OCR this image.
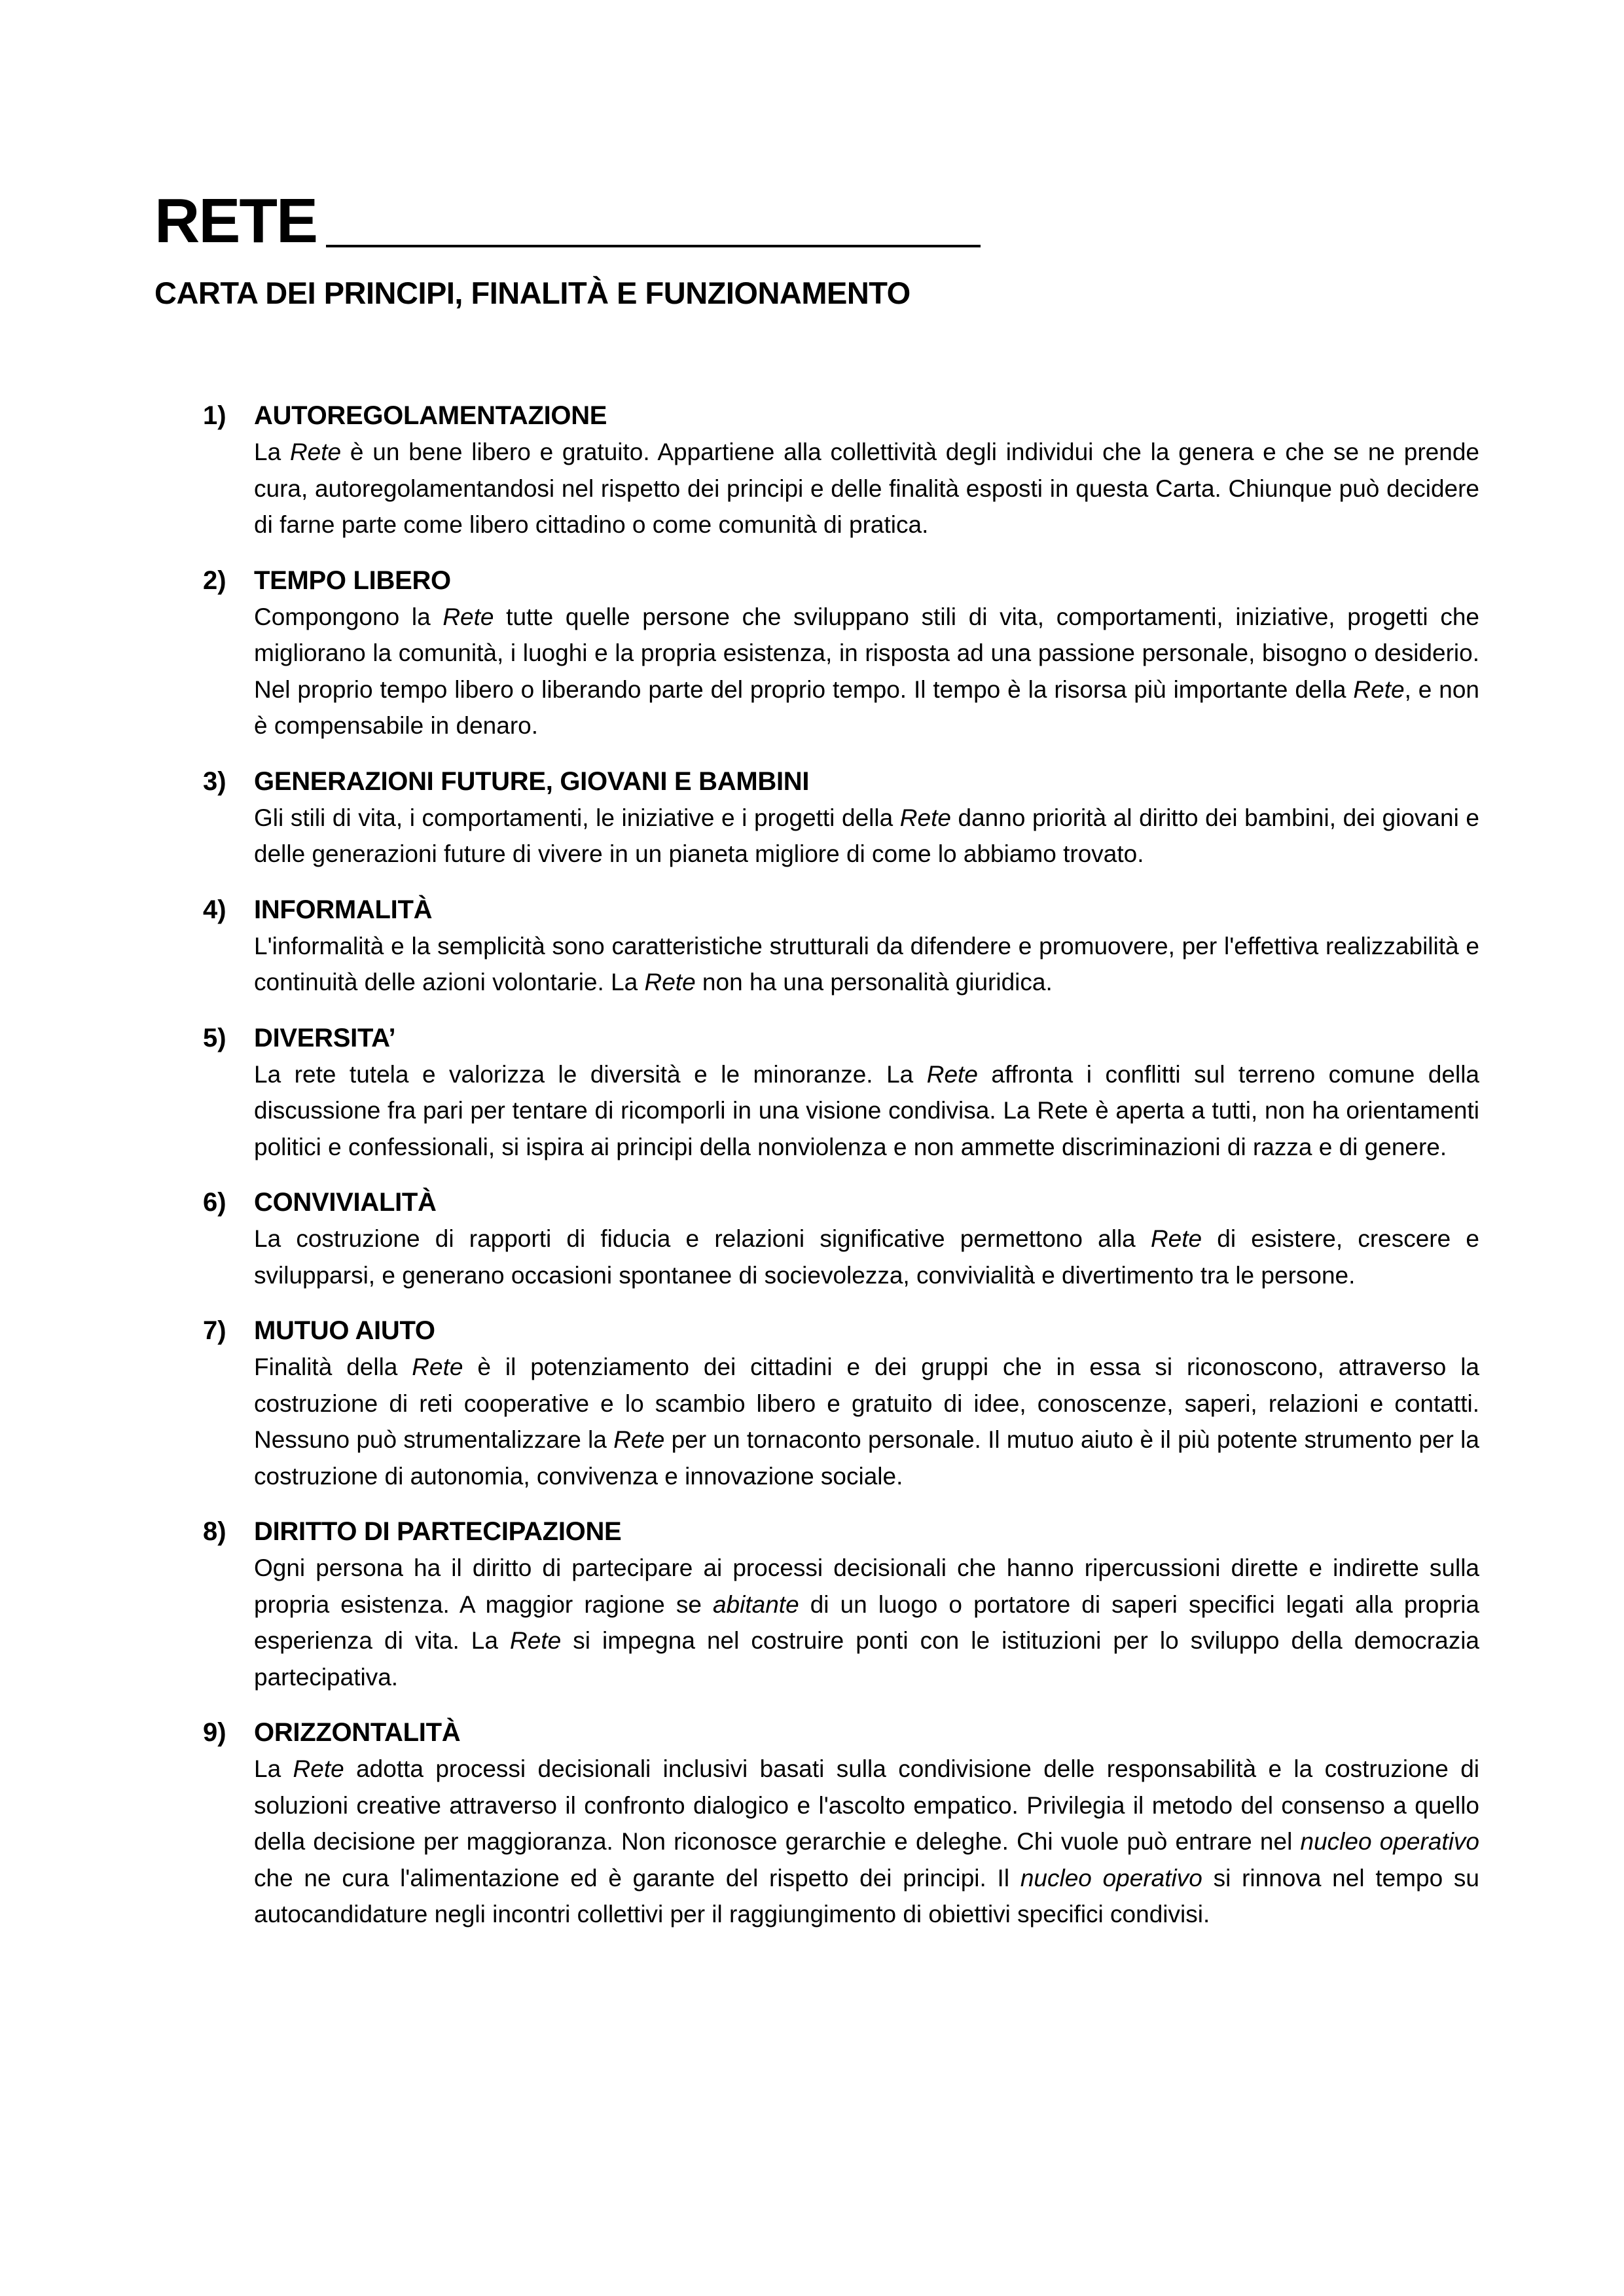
RETE
CARTA DEI PRINCIPI, FINALITÀ E FUNZIONAMENTO
1) AUTOREGOLAMENTAZIONE
La Rete è un bene libero e gratuito. Appartiene alla collettività degli individui che la genera e che se ne prende cura, autoregolamentandosi nel rispetto dei principi e delle finalità esposti in questa Carta. Chiunque può decidere di farne parte come libero cittadino o come comunità di pratica.
2) TEMPO LIBERO
Compongono la Rete tutte quelle persone che sviluppano stili di vita, comportamenti, iniziative, progetti che migliorano la comunità, i luoghi e la propria esistenza, in risposta ad una passione personale, bisogno o desiderio. Nel proprio tempo libero o liberando parte del proprio tempo. Il tempo è la risorsa più importante della Rete, e non è compensabile in denaro.
3) GENERAZIONI FUTURE, GIOVANI E BAMBINI
Gli stili di vita, i comportamenti, le iniziative e i progetti della Rete danno priorità al diritto dei bambini, dei giovani e delle generazioni future di vivere in un pianeta migliore di come lo abbiamo trovato.
4) INFORMALITÀ
L'informalità e la semplicità sono caratteristiche strutturali da difendere e promuovere, per l'effettiva realizzabilità e continuità delle azioni volontarie. La Rete non ha una personalità giuridica.
5) DIVERSITA’
La rete tutela e valorizza le diversità e le minoranze. La Rete affronta i conflitti sul terreno comune della discussione fra pari per tentare di ricomporli in una visione condivisa. La Rete è aperta a tutti, non ha orientamenti politici e confessionali, si ispira ai principi della nonviolenza e non ammette discriminazioni di razza e di genere.
6) CONVIVIALITÀ
La costruzione di rapporti di fiducia e relazioni significative permettono alla Rete di esistere, crescere e svilupparsi, e generano occasioni spontanee di socievolezza, convivialità e divertimento tra le persone.
7) MUTUO AIUTO
Finalità della Rete è il potenziamento dei cittadini e dei gruppi che in essa si riconoscono, attraverso la costruzione di reti cooperative e lo scambio libero e gratuito di idee, conoscenze, saperi, relazioni e contatti. Nessuno può strumentalizzare la Rete per un tornaconto personale. Il mutuo aiuto è il più potente strumento per la costruzione di autonomia, convivenza e innovazione sociale.
8) DIRITTO DI PARTECIPAZIONE
Ogni persona ha il diritto di partecipare ai processi decisionali che hanno ripercussioni dirette e indirette sulla propria esistenza. A maggior ragione se abitante di un luogo o portatore di saperi specifici legati alla propria esperienza di vita. La Rete si impegna nel costruire ponti con le istituzioni per lo sviluppo della democrazia partecipativa.
9) ORIZZONTALITÀ
La Rete adotta processi decisionali inclusivi basati sulla condivisione delle responsabilità e la costruzione di soluzioni creative attraverso il confronto dialogico e l'ascolto empatico. Privilegia il metodo del consenso a quello della decisione per maggioranza. Non riconosce gerarchie e deleghe. Chi vuole può entrare nel nucleo operativo che ne cura l'alimentazione ed è garante del rispetto dei principi. Il nucleo operativo si rinnova nel tempo su autocandidature negli incontri collettivi per il raggiungimento di obiettivi specifici condivisi.
